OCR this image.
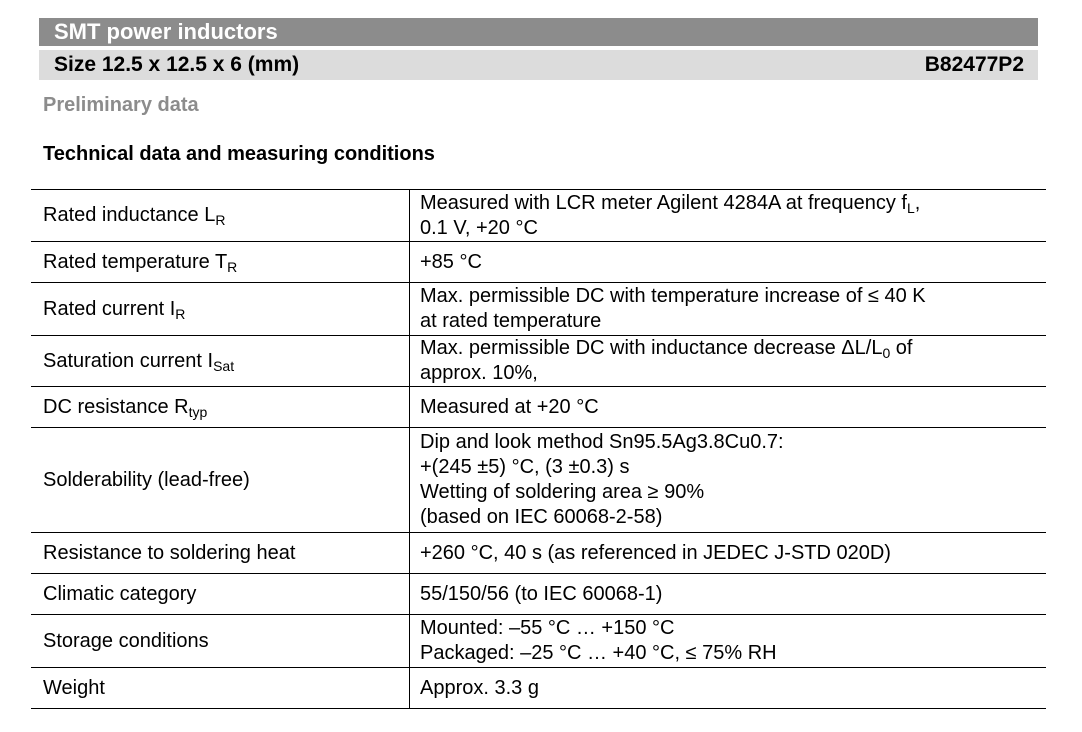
SMT power inductors
Size 12.5 x 12.5 x 6 (mm)	B82477P2
Preliminary data
Technical data and measuring conditions
Rated inductance $L_R$	Measured with LCR meter Agilent 4284A at frequency $f_L$,
0.1 V, +20 °C

Rated temperature $T_R$	+85 °C

Rated current $I_R$	Max. permissible DC with temperature increase of ≤ 40 K
at rated temperature

Saturation current $I_{Sat}$	Max. permissible DC with inductance decrease $\Delta L/L_0$ of
approx. 10%,

DC resistance $R_{typ}$	Measured at +20 °C

Solderability (lead-free)	Dip and look method Sn95.5Ag3.8Cu0.7:
+(245 ±5) °C, (3 ±0.3) s
Wetting of soldering area ≥ 90%
(based on IEC 60068-2-58)

Resistance to soldering heat	+260 °C, 40 s (as referenced in JEDEC J-STD 020D)

Climatic category	55/150/56 (to IEC 60068-1)

Storage conditions	Mounted: –55 °C … +150 °C
Packaged: –25 °C … +40 °C, ≤ 75% RH

Weight	Approx. 3.3 g
